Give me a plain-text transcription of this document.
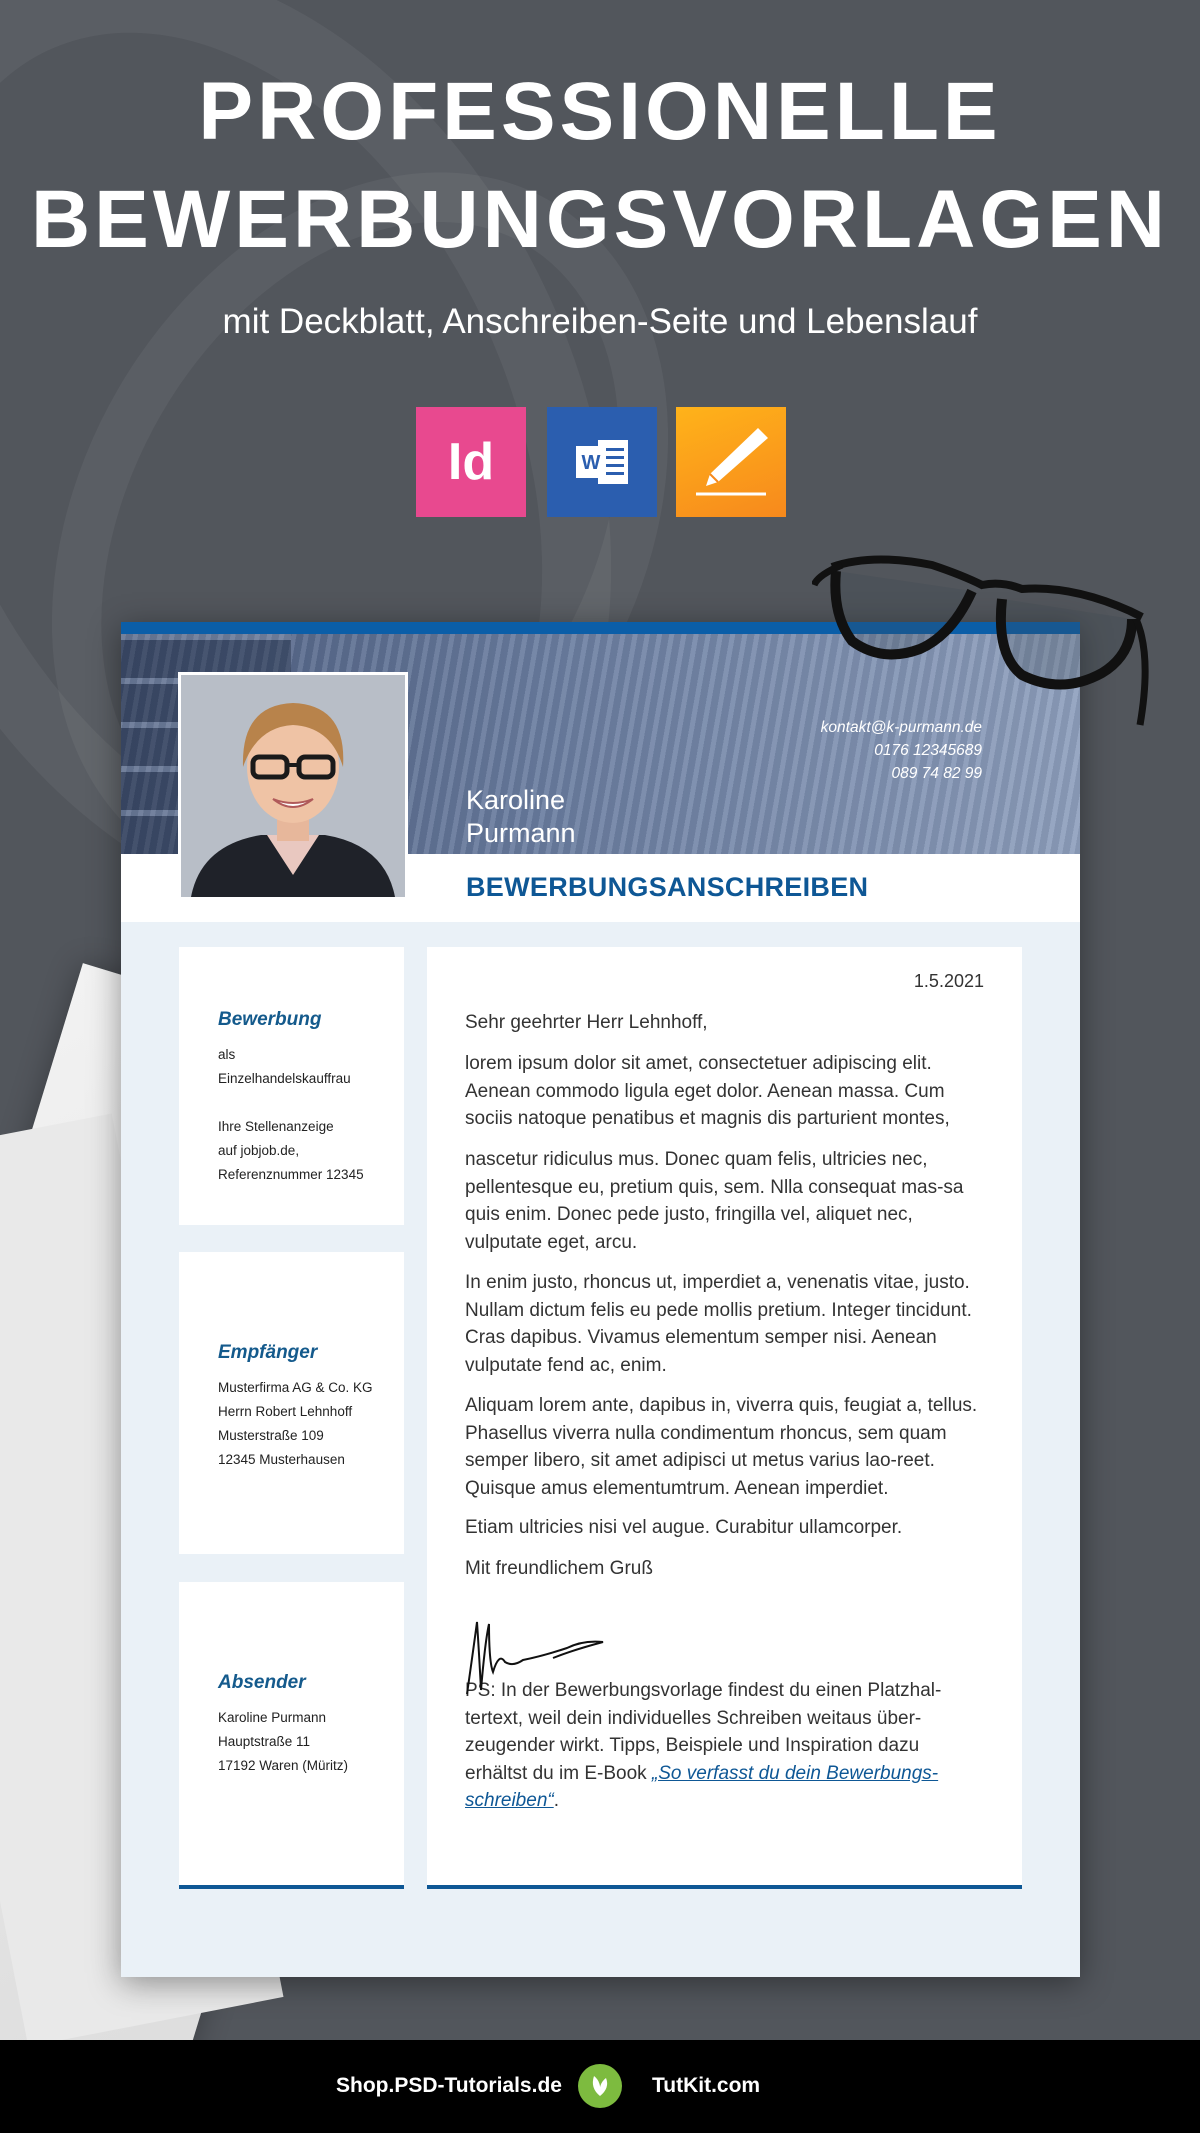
PROFESSIONELLE
BEWERBUNGSVORLAGEN
mit Deckblatt, Anschreiben-Seite und Lebenslauf
Id	W
kontakt@k-purmann.de
0176 12345689
089 74 82 99
Karoline
Purmann
BEWERBUNGSANSCHREIBEN
Bewerbung

als

Einzelhandelskauffrau

Ihre Stellenanzeige

auf jobjob.de,

Referenznummer 12345

Empfänger

Musterfirma AG & Co. KG

Herrn Robert Lehnhoff

Musterstraße 109

12345 Musterhausen

Absender

Karoline Purmann

Hauptstraße 11

17192 Waren (Müritz)

1.5.2021
Sehr geehrter Herr Lehnhoff,
lorem ipsum dolor sit amet, consectetuer adipiscing elit. Aenean commodo ligula eget dolor. Aenean massa. Cum sociis natoque penatibus et magnis dis parturient montes,
nascetur ridiculus mus. Donec quam felis, ultricies nec, pellentesque eu, pretium quis, sem. Nlla consequat mas-sa quis enim. Donec pede justo, fringilla vel, aliquet nec, vulputate eget, arcu.
In enim justo, rhoncus ut, imperdiet a, venenatis vitae, justo. Nullam dictum felis eu pede mollis pretium. Integer tincidunt. Cras dapibus. Vivamus elementum semper nisi. Aenean vulputate fend ac, enim.
Aliquam lorem ante, dapibus in, viverra quis, feugiat a, tellus. Phasellus viverra nulla condimentum rhoncus, sem quam semper libero, sit amet adipisci ut metus varius lao-reet. Quisque amus elementumtrum. Aenean imperdiet.
Etiam ultricies nisi vel augue. Curabitur ullamcorper.
Mit freundlichem Gruß
PS: In der Bewerbungsvorlage findest du einen Platzhal-tertext, weil dein individuelles Schreiben weitaus über-zeugender wirkt. Tipps, Beispiele und Inspiration dazu erhältst du im E-Book „So verfasst du dein Bewerbungs-schreiben“.
Shop.PSD-Tutorials.de	TutKit.com
